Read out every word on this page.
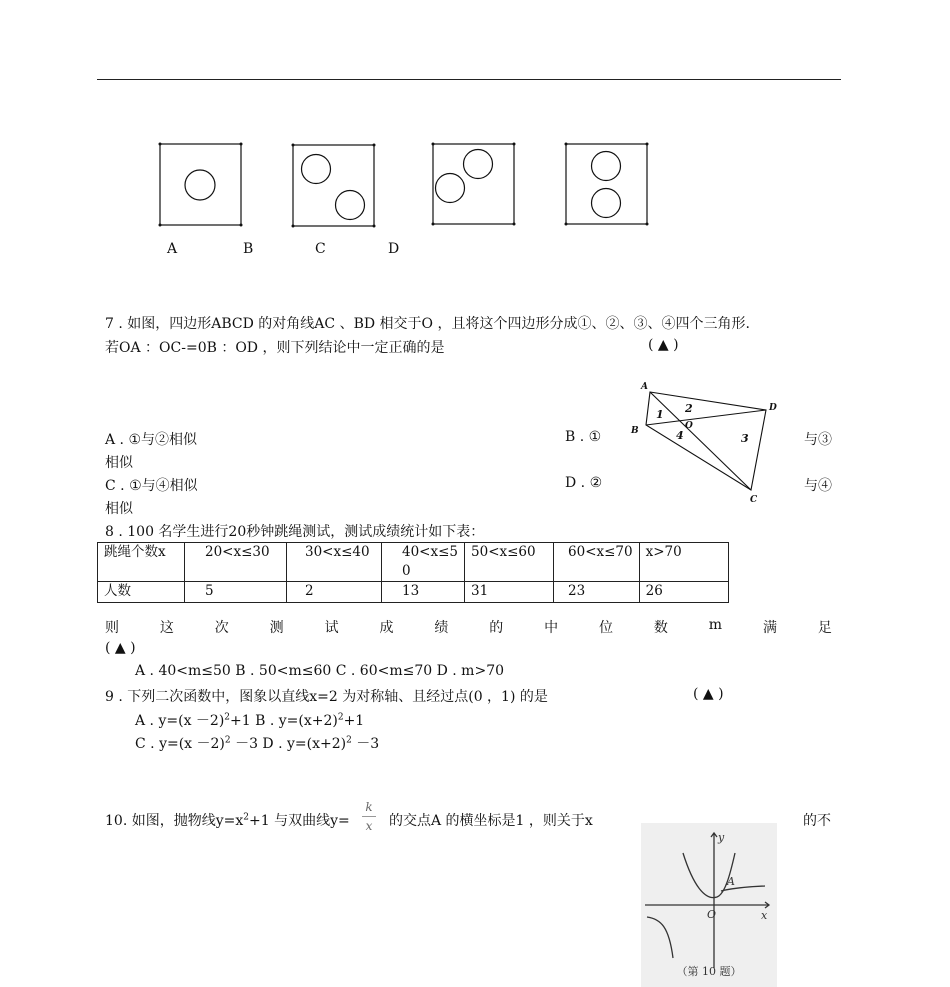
A
D
B
C
O
1 2
3
4
A	B	C	D
7 . 如图，四边形ABCD 的对角线AC 、BD 相交于O ，且将这个四边形分成①、②、③、④四个三角形.
若OA ：OC-=0B ：OD ，则下列结论中一定正确的是	( ▲ )
A . ①与②相似	B . ①	与③
相似
C . ①与④相似	D . ②	与④
相似
8 . 100 名学生进行20秒钟跳绳测试，测试成绩统计如下表：
跳绳个数x	20<x≤30	30<x≤40	40<x≤5
0	50<x≤60	60<x≤70	x>70
人数	5	2	13	31	23	26
则	这	次	测	试	成	绩	的	中	位	数	m	满	足
( ▲ )
A . 40<m≤50 B . 50<m≤60 C . 60<m≤70 D . m>70
9 . 下列二次函数中，图象以直线x=2 为对称轴、且经过点(0 ，1) 的是	( ▲ )
A . $y=(x -2)^2+1$ B . $y=(x+2)^2+1$
C . $y=(x -2)^2 -3$ D . $y=(x+2)^2 -3$
10. 如图，抛物线$y=x^2+1$ 与双曲线$y= \frac{k}{x}$ 的交点A 的横坐标是1 ，则关于x	的不
y
x
O
A
（第 10 题）
